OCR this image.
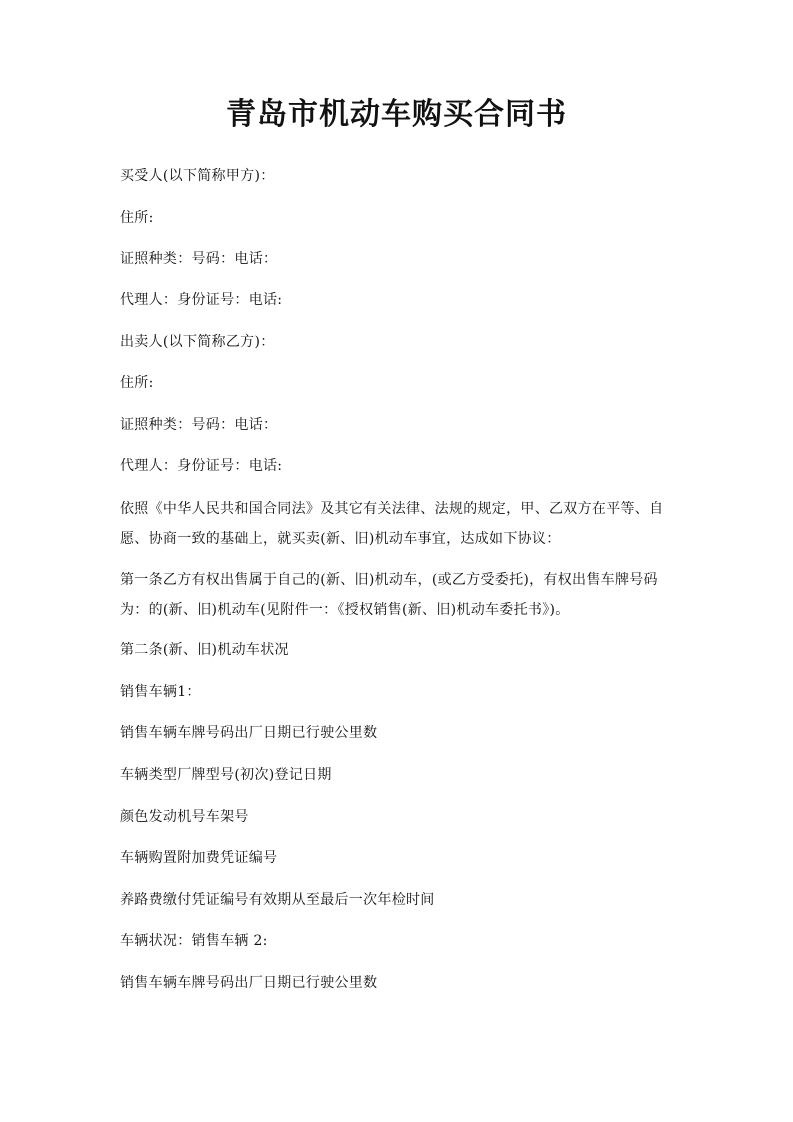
青岛市机动车购买合同书

买受人(以下简称甲方)：

住所:

证照种类：号码：电话：

代理人：身份证号：电话:

出卖人(以下简称乙方)：

住所:

证照种类：号码：电话：

代理人：身份证号：电话:

依照《中华人民共和国合同法》及其它有关法律、法规的规定，甲、乙双方在平等、自愿、协商一致的基础上，就买卖(新、旧)机动车事宜，达成如下协议：

第一条乙方有权出售属于自己的(新、旧)机动车，(或乙方受委托)，有权出售车牌号码为：的(新、旧)机动车(见附件一：《授权销售(新、旧)机动车委托书》)。

第二条(新、旧)机动车状况

销售车辆1：

销售车辆车牌号码出厂日期已行驶公里数

车辆类型厂牌型号(初次)登记日期

颜色发动机号车架号

车辆购置附加费凭证编号

养路费缴付凭证编号有效期从至最后一次年检时间

车辆状况：销售车辆 2:

销售车辆车牌号码出厂日期已行驶公里数
